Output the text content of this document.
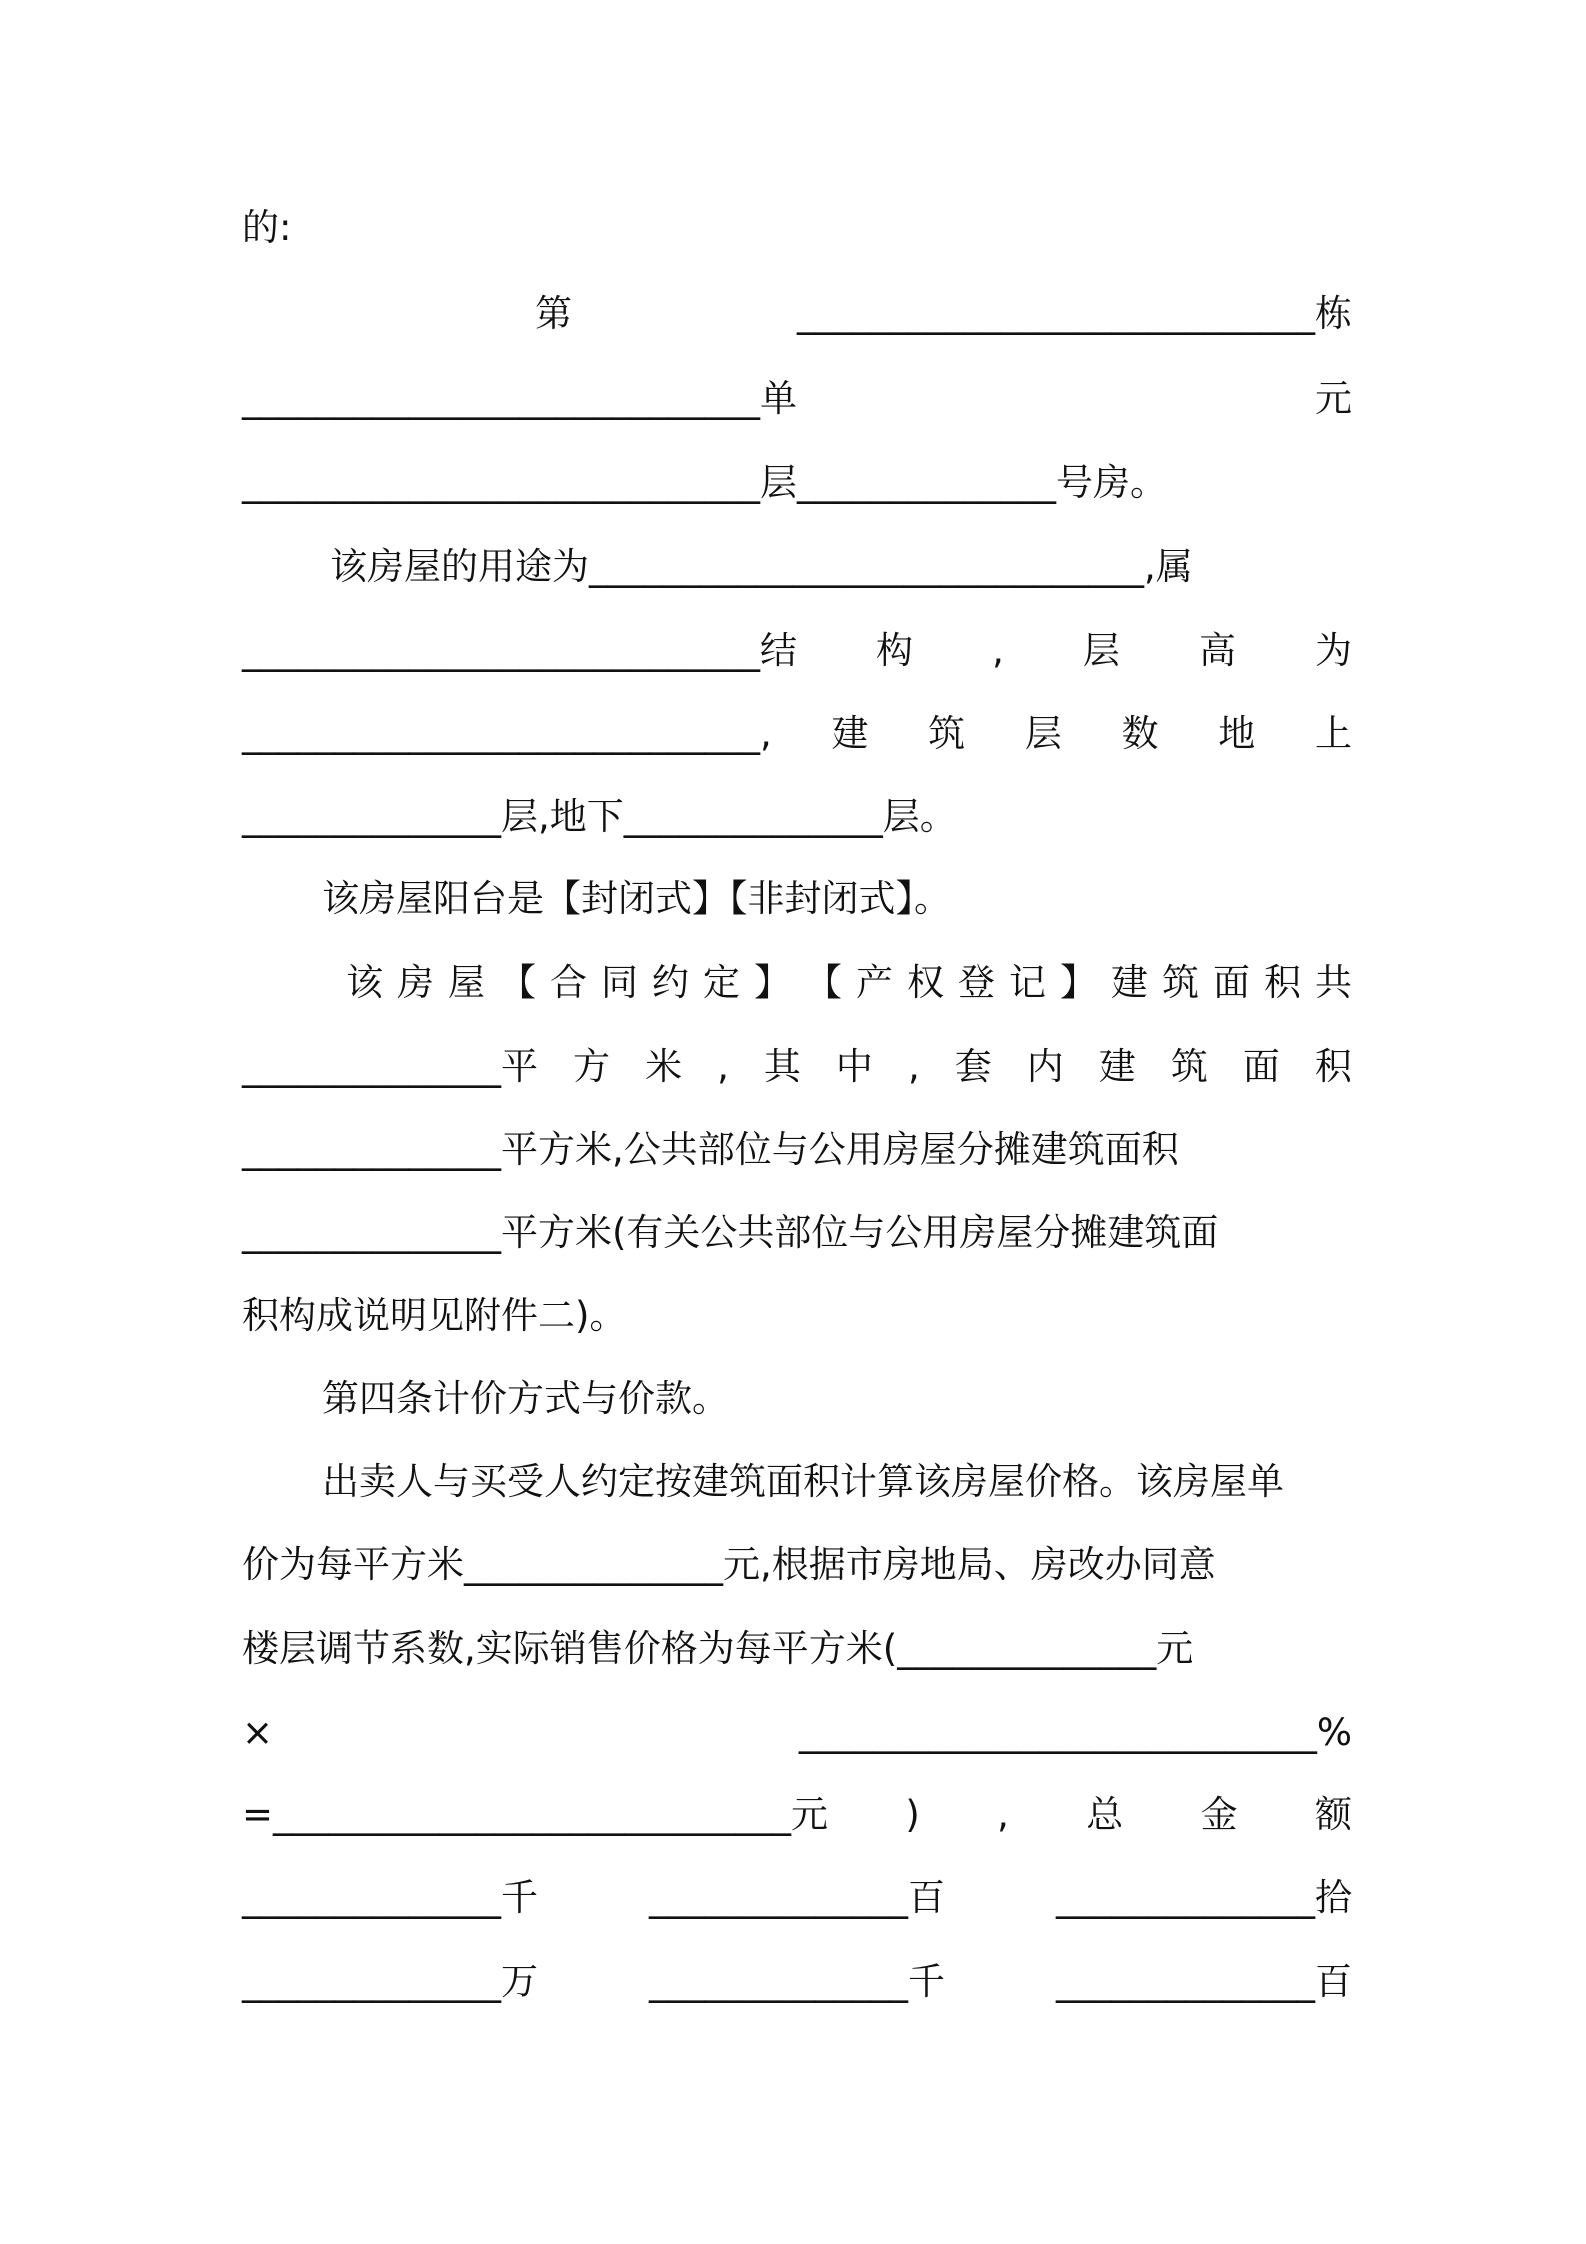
的:
第	____________________________栋
____________________________单	元
____________________________层______________号房。
该房屋的用途为______________________________,属
____________________________结 构 , 层 高 为
____________________________, 建 筑 层 数 地 上
______________层,地下______________层。
该房屋阳台是【封闭式】【非封闭式】。
该 房 屋 【 合 同 约 定 】 【 产 权 登 记 】 建 筑 面 积 共
______________平 方 米 , 其 中 , 套 内 建 筑 面 积
______________平方米,公共部位与公用房屋分摊建筑面积
______________平方米(有关公共部位与公用房屋分摊建筑面
积构成说明见附件二)。
第四条计价方式与价款。
出卖人与买受人约定按建筑面积计算该房屋价格。该房屋单
价为每平方米______________元,根据市房地局、房改办同意
楼层调节系数,实际销售价格为每平方米(______________元
×	____________________________%
=____________________________元 ) , 总 金 额
______________千	______________百	______________拾
______________万	______________千	______________百
